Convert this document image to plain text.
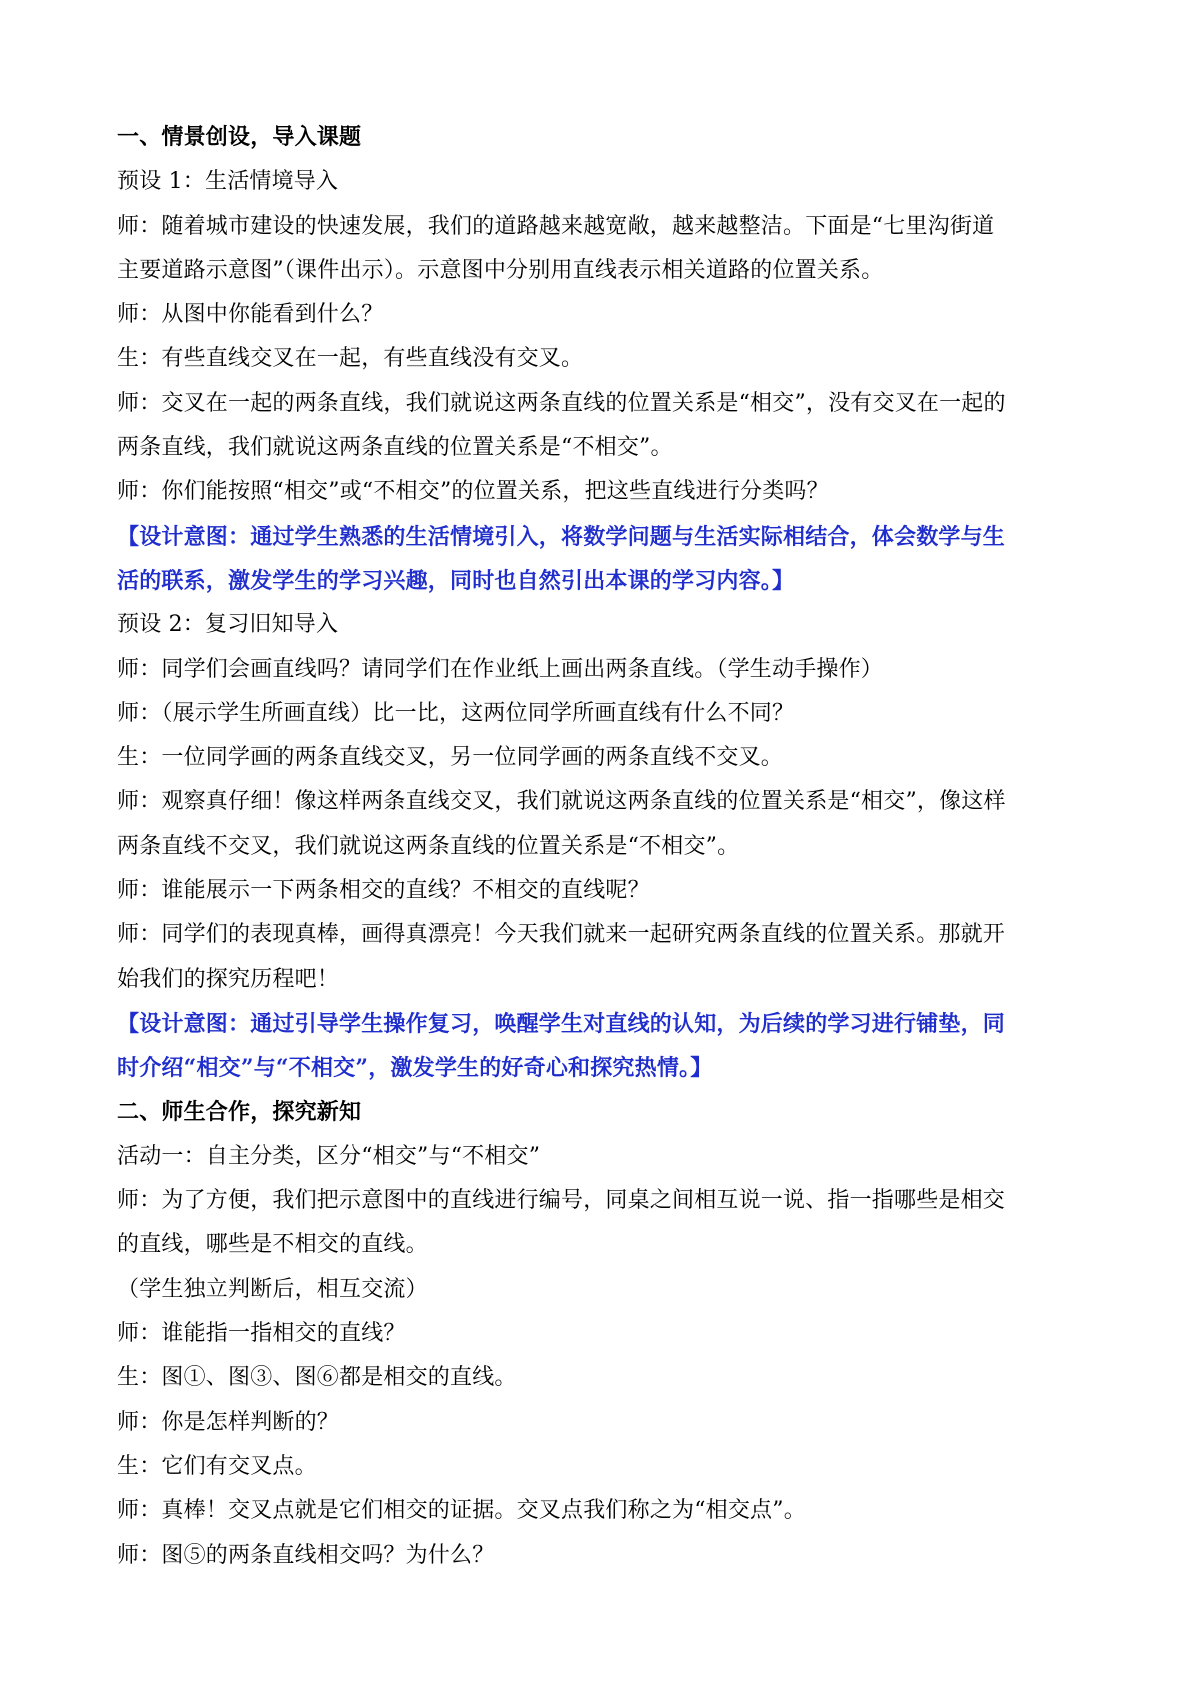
一、情景创设，导入课题
预设 1：生活情境导入
师：随着城市建设的快速发展，我们的道路越来越宽敞，越来越整洁。下面是“七里沟街道
主要道路示意图”（课件出示）。示意图中分别用直线表示相关道路的位置关系。
师：从图中你能看到什么？
生：有些直线交叉在一起，有些直线没有交叉。
师：交叉在一起的两条直线，我们就说这两条直线的位置关系是“相交”，没有交叉在一起的
两条直线，我们就说这两条直线的位置关系是“不相交”。
师：你们能按照“相交”或“不相交”的位置关系，把这些直线进行分类吗？
【设计意图：通过学生熟悉的生活情境引入，将数学问题与生活实际相结合，体会数学与生
活的联系，激发学生的学习兴趣，同时也自然引出本课的学习内容。】
预设 2：复习旧知导入
师：同学们会画直线吗？请同学们在作业纸上画出两条直线。（学生动手操作）
师：（展示学生所画直线）比一比，这两位同学所画直线有什么不同？
生：一位同学画的两条直线交叉，另一位同学画的两条直线不交叉。
师：观察真仔细！像这样两条直线交叉，我们就说这两条直线的位置关系是“相交”，像这样
两条直线不交叉，我们就说这两条直线的位置关系是“不相交”。
师：谁能展示一下两条相交的直线？不相交的直线呢？
师：同学们的表现真棒，画得真漂亮！今天我们就来一起研究两条直线的位置关系。那就开
始我们的探究历程吧！
【设计意图：通过引导学生操作复习，唤醒学生对直线的认知，为后续的学习进行铺垫，同
时介绍“相交”与“不相交”，激发学生的好奇心和探究热情。】
二、师生合作，探究新知
活动一：自主分类，区分“相交”与“不相交”
师：为了方便，我们把示意图中的直线进行编号，同桌之间相互说一说、指一指哪些是相交
的直线，哪些是不相交的直线。
（学生独立判断后，相互交流）
师：谁能指一指相交的直线？
生：图①、图③、图⑥都是相交的直线。
师：你是怎样判断的？
生：它们有交叉点。
师：真棒！交叉点就是它们相交的证据。交叉点我们称之为“相交点”。
师：图⑤的两条直线相交吗？为什么？
